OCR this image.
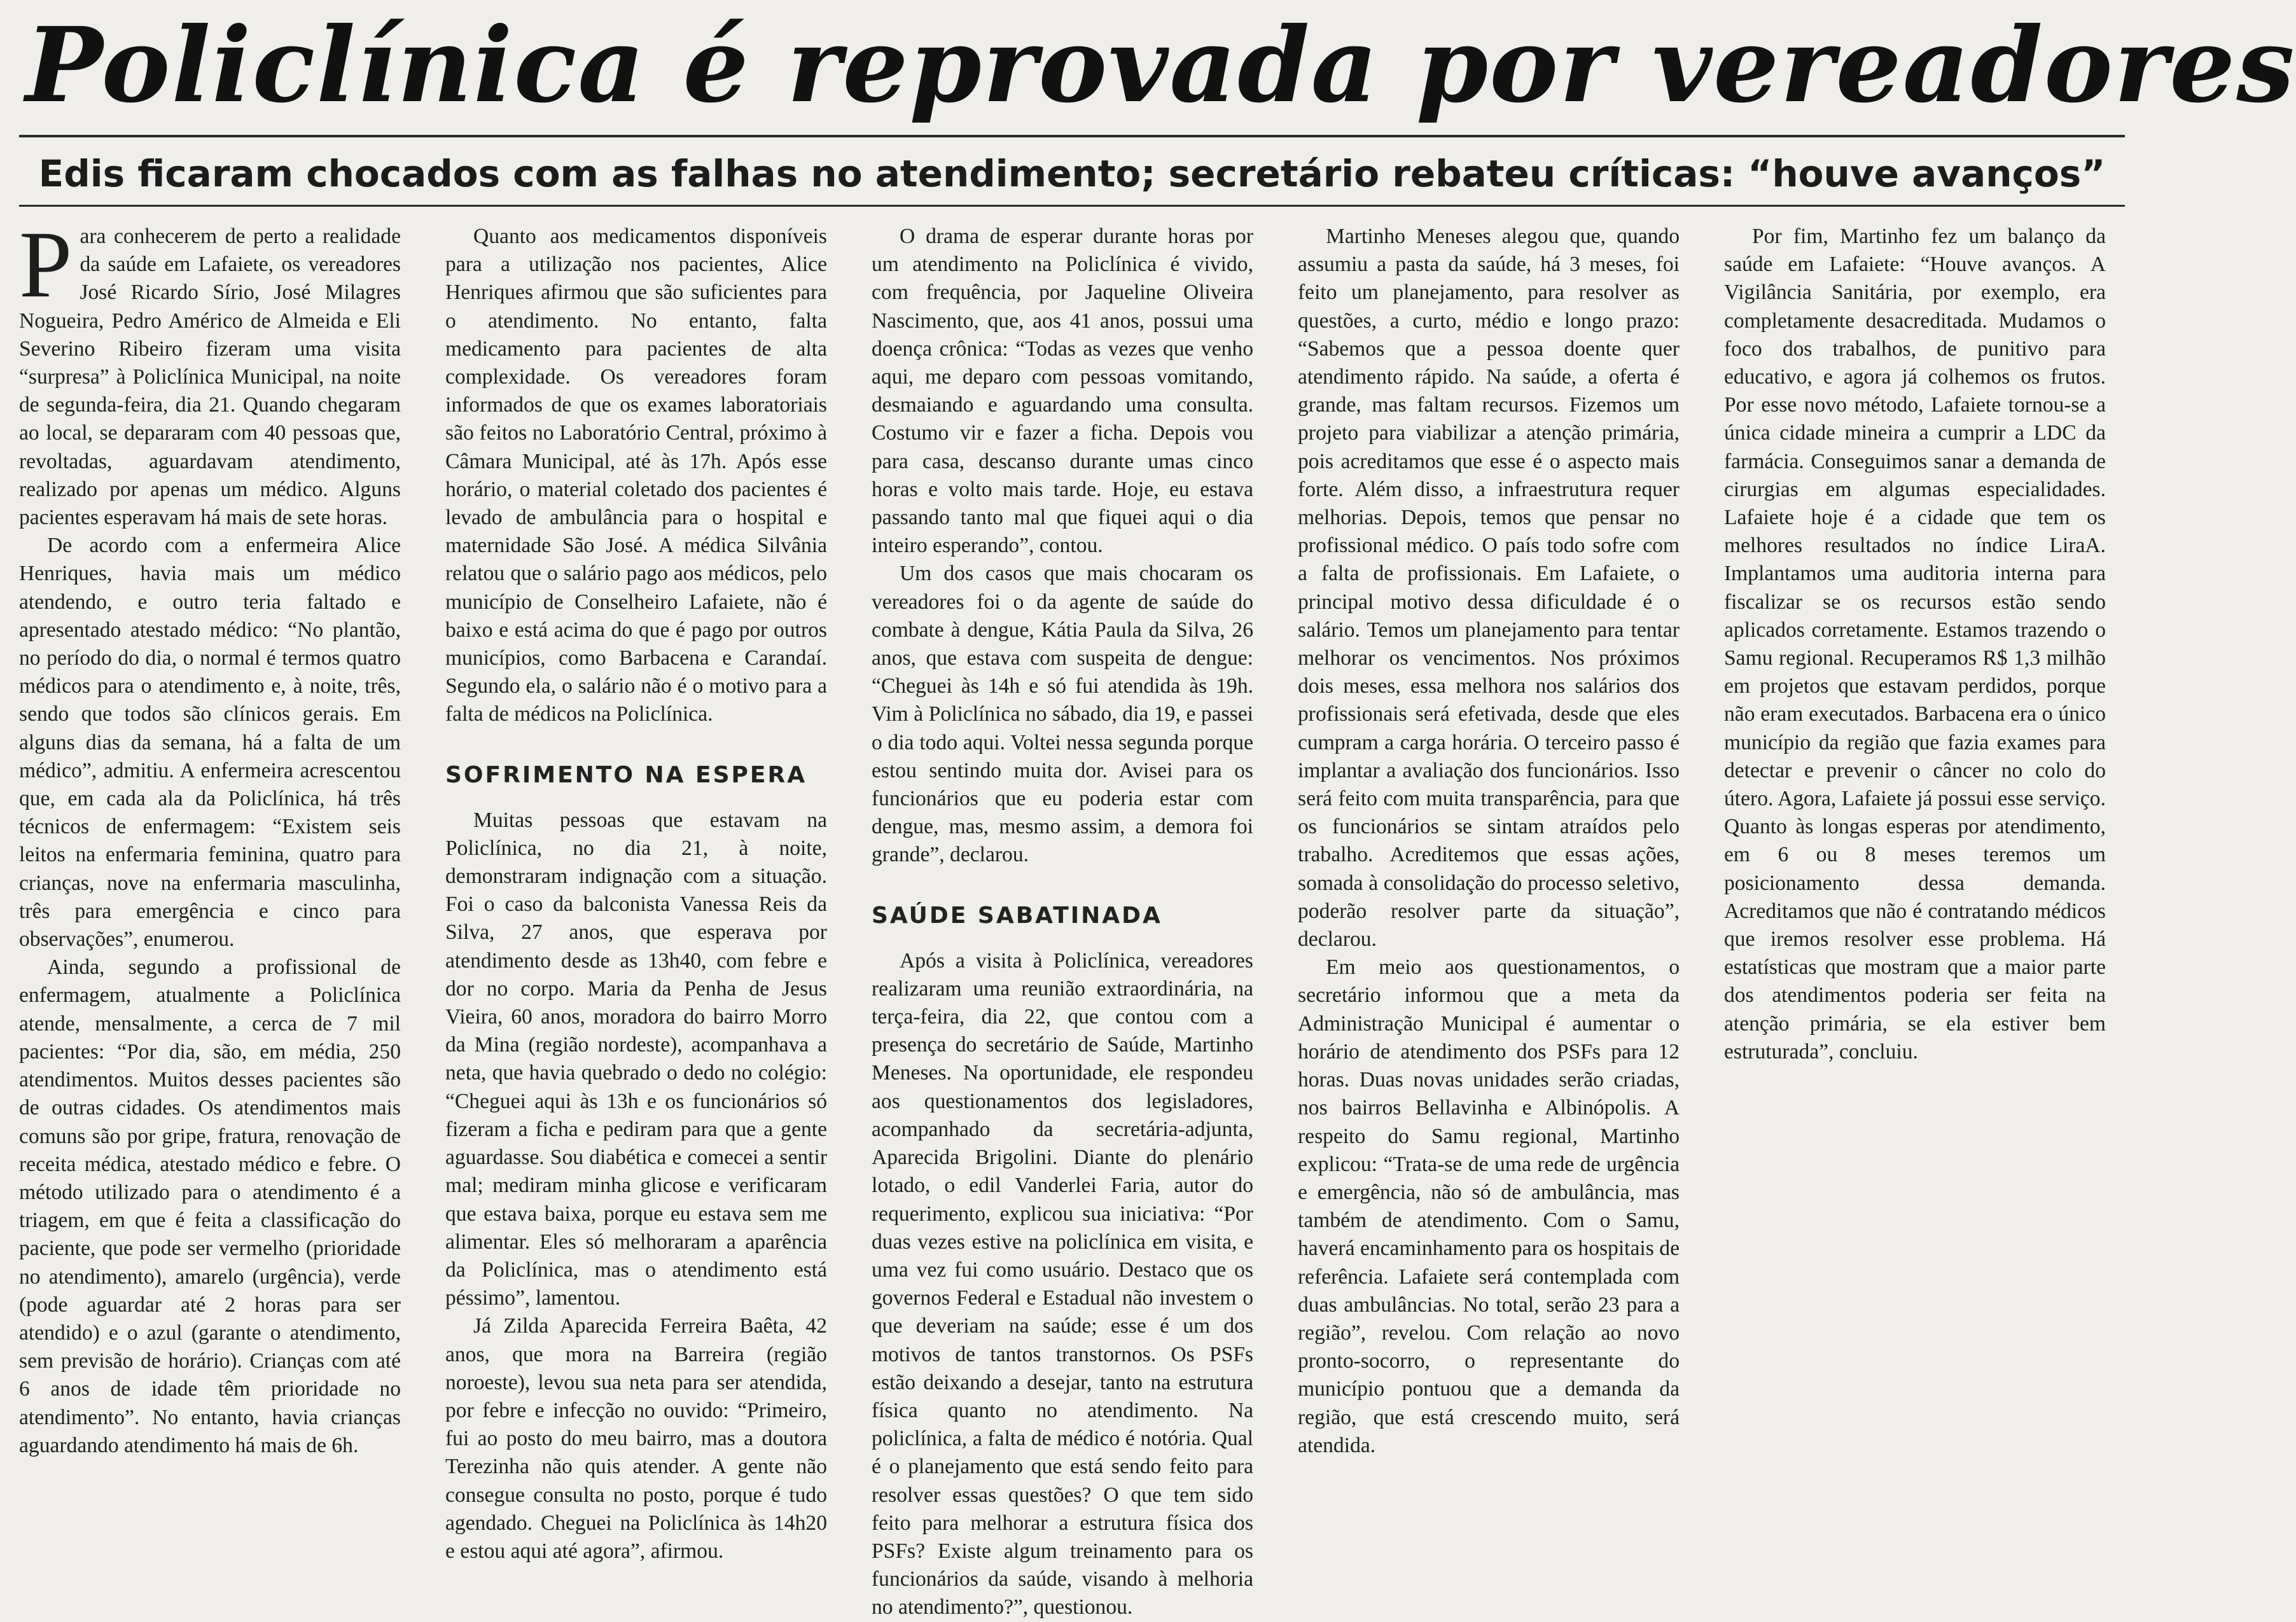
Policlínica é reprovada por vereadores
Edis ficaram chocados com as falhas no atendimento; secretário rebateu críticas: “houve avanços”

Para conhecerem de perto a realidade da saúde em Lafaiete, os vereadores José Ricardo Sírio, José Milagres Nogueira, Pedro Américo de Almeida e Eli Severino Ribeiro fizeram uma visita “surpresa” à Policlínica Municipal, na noite de segunda-feira, dia 21. Quando chegaram ao local, se depararam com 40 pessoas que, revoltadas, aguardavam atendimento, realizado por apenas um médico. Alguns pacientes esperavam há mais de sete horas.

De acordo com a enfermeira Alice Henriques, havia mais um médico atendendo, e outro teria faltado e apresentado atestado médico: “No plantão, no período do dia, o normal é termos quatro médicos para o atendimento e, à noite, três, sendo que todos são clínicos gerais. Em alguns dias da semana, há a falta de um médico”, admitiu. A enfermeira acrescentou que, em cada ala da Policlínica, há três técnicos de enfermagem: “Existem seis leitos na enfermaria feminina, quatro para crianças, nove na enfermaria masculinha, três para emergência e cinco para observações”, enumerou.

Ainda, segundo a profissional de enfermagem, atualmente a Policlínica atende, mensalmente, a cerca de 7 mil pacientes: “Por dia, são, em média, 250 atendimentos. Muitos desses pacientes são de outras cidades. Os atendimentos mais comuns são por gripe, fratura, renovação de receita médica, atestado médico e febre. O método utilizado para o atendimento é a triagem, em que é feita a classificação do paciente, que pode ser vermelho (prioridade no atendimento), amarelo (urgência), verde (pode aguardar até 2 horas para ser atendido) e o azul (garante o atendimento, sem previsão de horário). Crianças com até 6 anos de idade têm prioridade no atendimento”. No entanto, havia crianças aguardando atendimento há mais de 6h.

Quanto aos medicamentos disponíveis para a utilização nos pacientes, Alice Henriques afirmou que são suficientes para o atendimento. No entanto, falta medicamento para pacientes de alta complexidade. Os vereadores foram informados de que os exames laboratoriais são feitos no Laboratório Central, próximo à Câmara Municipal, até às 17h. Após esse horário, o material coletado dos pacientes é levado de ambulância para o hospital e maternidade São José. A médica Silvânia relatou que o salário pago aos médicos, pelo município de Conselheiro Lafaiete, não é baixo e está acima do que é pago por outros municípios, como Barbacena e Carandaí. Segundo ela, o salário não é o motivo para a falta de médicos na Policlínica.

SOFRIMENTO NA ESPERA

Muitas pessoas que estavam na Policlínica, no dia 21, à noite, demonstraram indignação com a situação. Foi o caso da balconista Vanessa Reis da Silva, 27 anos, que esperava por atendimento desde as 13h40, com febre e dor no corpo. Maria da Penha de Jesus Vieira, 60 anos, moradora do bairro Morro da Mina (região nordeste), acompanhava a neta, que havia quebrado o dedo no colégio: “Cheguei aqui às 13h e os funcionários só fizeram a ficha e pediram para que a gente aguardasse. Sou diabética e comecei a sentir mal; mediram minha glicose e verificaram que estava baixa, porque eu estava sem me alimentar. Eles só melhoraram a aparência da Policlínica, mas o atendimento está péssimo”, lamentou.

Já Zilda Aparecida Ferreira Baêta, 42 anos, que mora na Barreira (região noroeste), levou sua neta para ser atendida, por febre e infecção no ouvido: “Primeiro, fui ao posto do meu bairro, mas a doutora Terezinha não quis atender. A gente não consegue consulta no posto, porque é tudo agendado. Cheguei na Policlínica às 14h20 e estou aqui até agora”, afirmou.

O drama de esperar durante horas por um atendimento na Policlínica é vivido, com frequência, por Jaqueline Oliveira Nascimento, que, aos 41 anos, possui uma doença crônica: “Todas as vezes que venho aqui, me deparo com pessoas vomitando, desmaiando e aguardando uma consulta. Costumo vir e fazer a ficha. Depois vou para casa, descanso durante umas cinco horas e volto mais tarde. Hoje, eu estava passando tanto mal que fiquei aqui o dia inteiro esperando”, contou.

Um dos casos que mais chocaram os vereadores foi o da agente de saúde do combate à dengue, Kátia Paula da Silva, 26 anos, que estava com suspeita de dengue: “Cheguei às 14h e só fui atendida às 19h. Vim à Policlínica no sábado, dia 19, e passei o dia todo aqui. Voltei nessa segunda porque estou sentindo muita dor. Avisei para os funcionários que eu poderia estar com dengue, mas, mesmo assim, a demora foi grande”, declarou.

SAÚDE SABATINADA

Após a visita à Policlínica, vereadores realizaram uma reunião extraordinária, na terça-feira, dia 22, que contou com a presença do secretário de Saúde, Martinho Meneses. Na oportunidade, ele respondeu aos questionamentos dos legisladores, acompanhado da secretária-adjunta, Aparecida Brigolini. Diante do plenário lotado, o edil Vanderlei Faria, autor do requerimento, explicou sua iniciativa: “Por duas vezes estive na policlínica em visita, e uma vez fui como usuário. Destaco que os governos Federal e Estadual não investem o que deveriam na saúde; esse é um dos motivos de tantos transtornos. Os PSFs estão deixando a desejar, tanto na estrutura física quanto no atendimento. Na policlínica, a falta de médico é notória. Qual é o planejamento que está sendo feito para resolver essas questões? O que tem sido feito para melhorar a estrutura física dos PSFs? Existe algum treinamento para os funcionários da saúde, visando à melhoria no atendimento?”, questionou.

Martinho Meneses alegou que, quando assumiu a pasta da saúde, há 3 meses, foi feito um planejamento, para resolver as questões, a curto, médio e longo prazo: “Sabemos que a pessoa doente quer atendimento rápido. Na saúde, a oferta é grande, mas faltam recursos. Fizemos um projeto para viabilizar a atenção primária, pois acreditamos que esse é o aspecto mais forte. Além disso, a infraestrutura requer melhorias. Depois, temos que pensar no profissional médico. O país todo sofre com a falta de profissionais. Em Lafaiete, o principal motivo dessa dificuldade é o salário. Temos um planejamento para tentar melhorar os vencimentos. Nos próximos dois meses, essa melhora nos salários dos profissionais será efetivada, desde que eles cumpram a carga horária. O terceiro passo é implantar a avaliação dos funcionários. Isso será feito com muita transparência, para que os funcionários se sintam atraídos pelo trabalho. Acreditemos que essas ações, somada à consolidação do processo seletivo, poderão resolver parte da situação”, declarou.

Em meio aos questionamentos, o secretário informou que a meta da Administração Municipal é aumentar o horário de atendimento dos PSFs para 12 horas. Duas novas unidades serão criadas, nos bairros Bellavinha e Albinópolis. A respeito do Samu regional, Martinho explicou: “Trata-se de uma rede de urgência e emergência, não só de ambulância, mas também de atendimento. Com o Samu, haverá encaminhamento para os hospitais de referência. Lafaiete será contemplada com duas ambulâncias. No total, serão 23 para a região”, revelou. Com relação ao novo pronto-socorro, o representante do município pontuou que a demanda da região, que está crescendo muito, será atendida.

Por fim, Martinho fez um balanço da saúde em Lafaiete: “Houve avanços. A Vigilância Sanitária, por exemplo, era completamente desacreditada. Mudamos o foco dos trabalhos, de punitivo para educativo, e agora já colhemos os frutos. Por esse novo método, Lafaiete tornou-se a única cidade mineira a cumprir a LDC da farmácia. Conseguimos sanar a demanda de cirurgias em algumas especialidades. Lafaiete hoje é a cidade que tem os melhores resultados no índice LiraA. Implantamos uma auditoria interna para fiscalizar se os recursos estão sendo aplicados corretamente. Estamos trazendo o Samu regional. Recuperamos R$ 1,3 milhão em projetos que estavam perdidos, porque não eram executados. Barbacena era o único município da região que fazia exames para detectar e prevenir o câncer no colo do útero. Agora, Lafaiete já possui esse serviço. Quanto às longas esperas por atendimento, em 6 ou 8 meses teremos um posicionamento dessa demanda. Acreditamos que não é contratando médicos que iremos resolver esse problema. Há estatísticas que mostram que a maior parte dos atendimentos poderia ser feita na atenção primária, se ela estiver bem estruturada”, concluiu.
